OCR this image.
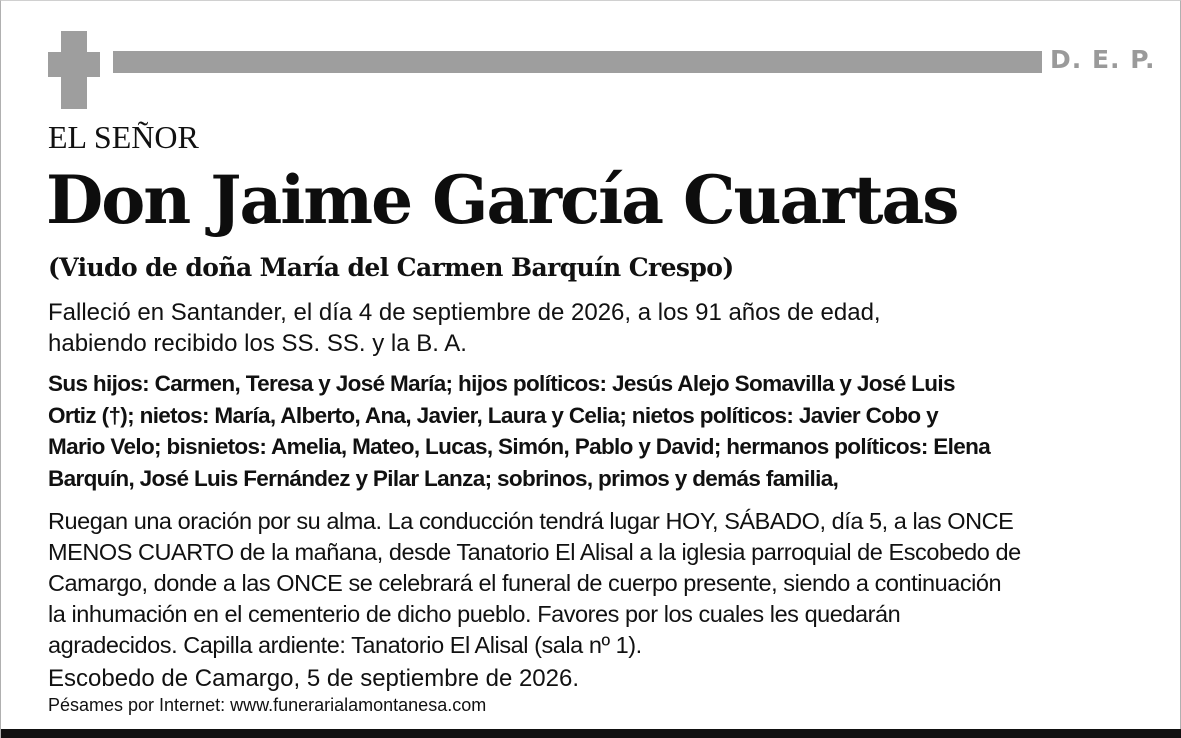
D. E. P.
EL SEÑOR
Don Jaime García Cuartas
(Viudo de doña María del Carmen Barquín Crespo)
Falleció en Santander, el día 4 de septiembre de 2026, a los 91 años de edad,
habiendo recibido los SS. SS. y la B. A.
Sus hijos: Carmen, Teresa y José María; hijos políticos: Jesús Alejo Somavilla y José Luis
Ortiz (†); nietos: María, Alberto, Ana, Javier, Laura y Celia; nietos políticos: Javier Cobo y
Mario Velo; bisnietos: Amelia, Mateo, Lucas, Simón, Pablo y David; hermanos políticos: Elena
Barquín, José Luis Fernández y Pilar Lanza; sobrinos, primos y demás familia,
Ruegan una oración por su alma. La conducción tendrá lugar HOY, SÁBADO, día 5, a las ONCE
MENOS CUARTO de la mañana, desde Tanatorio El Alisal a la iglesia parroquial de Escobedo de
Camargo, donde a las ONCE se celebrará el funeral de cuerpo presente, siendo a continuación
la inhumación en el cementerio de dicho pueblo. Favores por los cuales les quedarán
agradecidos. Capilla ardiente: Tanatorio El Alisal (sala nº 1).
Escobedo de Camargo, 5 de septiembre de 2026.
Pésames por Internet: www.funerarialamontanesa.com
